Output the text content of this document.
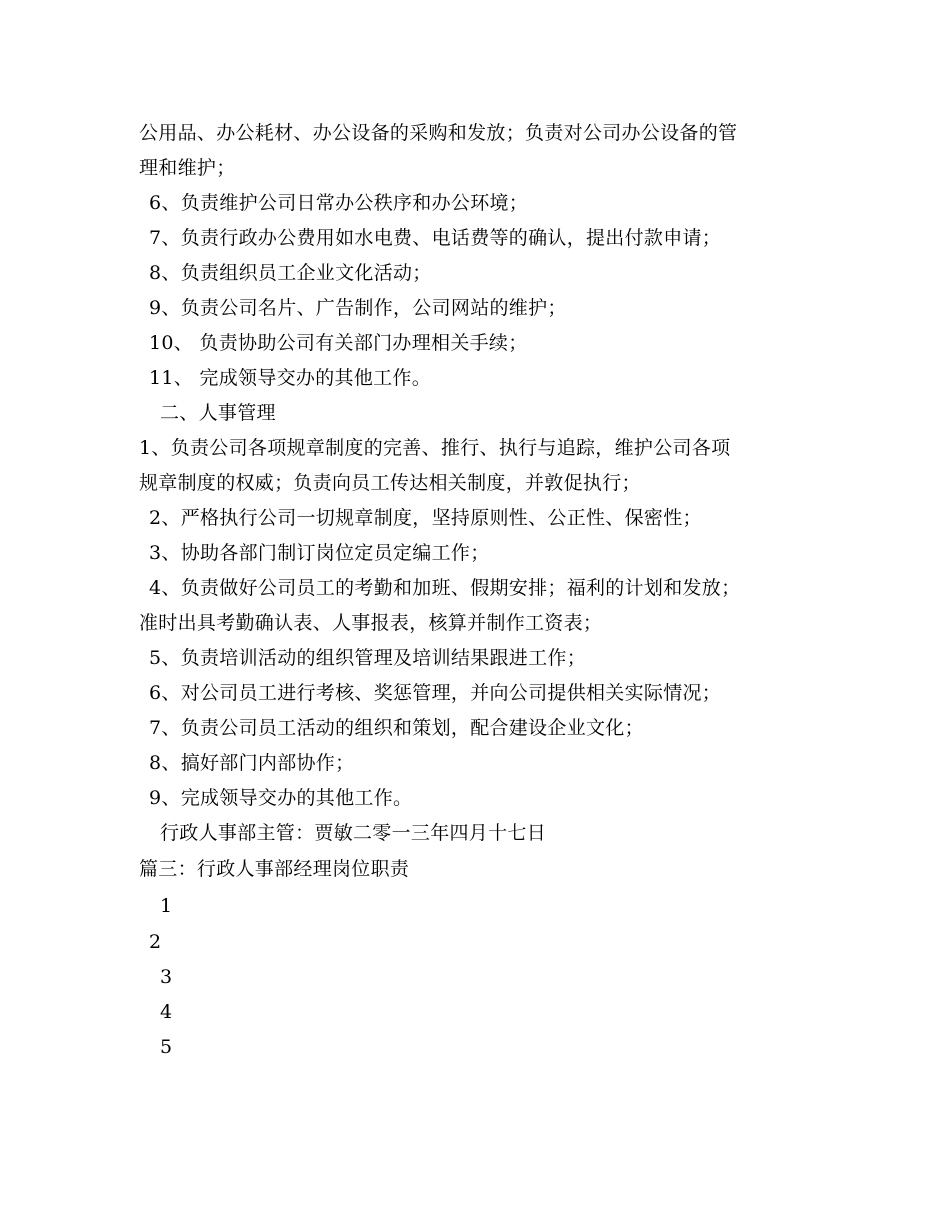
公用品、办公耗材、办公设备的采购和发放；负责对公司办公设备的管
理和维护；
6、负责维护公司日常办公秩序和办公环境；
7、负责行政办公费用如水电费、电话费等的确认，提出付款申请；
8、负责组织员工企业文化活动；
9、负责公司名片、广告制作，公司网站的维护；
10、 负责协助公司有关部门办理相关手续；
11、 完成领导交办的其他工作。
二、人事管理
1、负责公司各项规章制度的完善、推行、执行与追踪，维护公司各项
规章制度的权威；负责向员工传达相关制度，并敦促执行；
2、严格执行公司一切规章制度，坚持原则性、公正性、保密性；
3、协助各部门制订岗位定员定编工作；
4、负责做好公司员工的考勤和加班、假期安排；福利的计划和发放；
准时出具考勤确认表、人事报表，核算并制作工资表；
5、负责培训活动的组织管理及培训结果跟进工作；
6、对公司员工进行考核、奖惩管理，并向公司提供相关实际情况；
7、负责公司员工活动的组织和策划，配合建设企业文化；
8、搞好部门内部协作；
9、完成领导交办的其他工作。
行政人事部主管：贾敏二零一三年四月十七日
篇三：行政人事部经理岗位职责
1
2
3
4
5
